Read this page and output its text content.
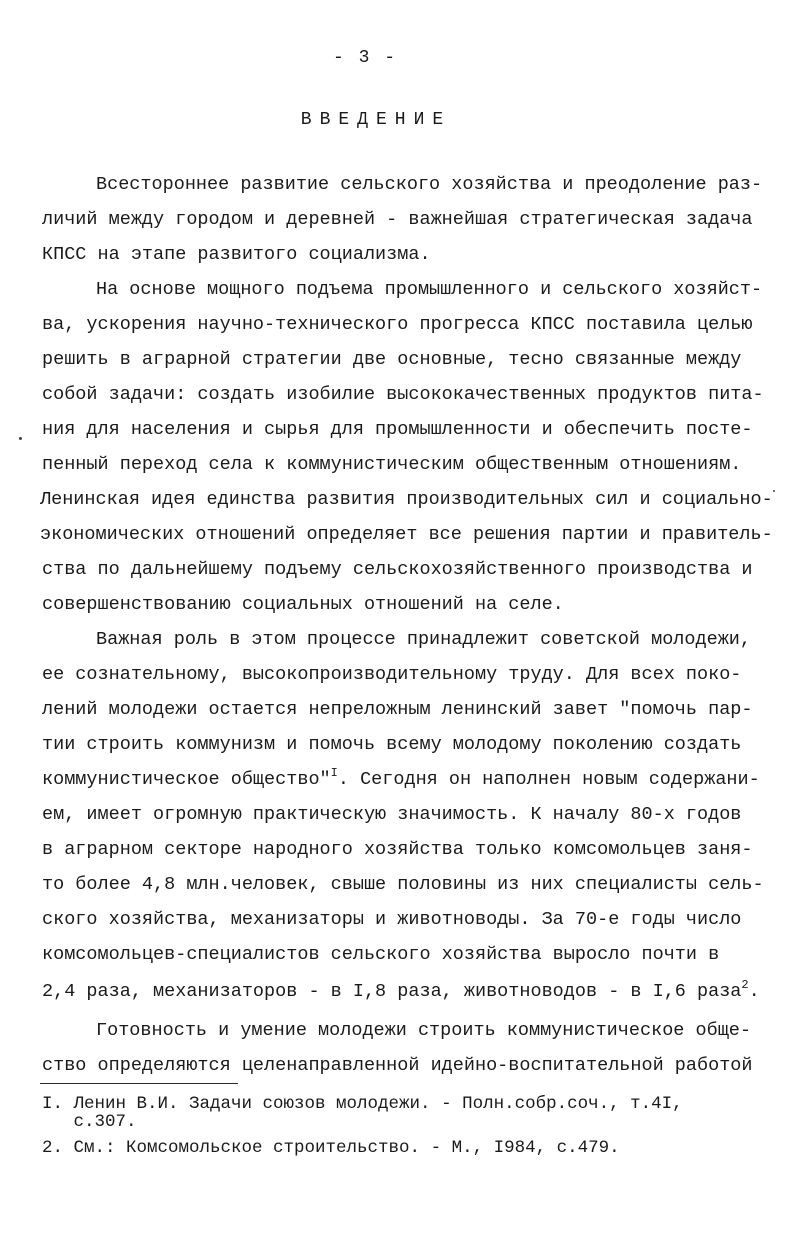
- 3 -
ВВЕДЕНИЕ
Всестороннее развитие сельского хозяйства и преодоление раз-
личий между городом и деревней - важнейшая стратегическая задача
КПСС на этапе развитого социализма.
На основе мощного подъема промышленного и сельского хозяйст-
ва, ускорения научно-технического прогресса КПСС поставила целью
решить в аграрной стратегии две основные, тесно связанные между
собой задачи: создать изобилие высококачественных продуктов пита-
ния для населения и сырья для промышленности и обеспечить посте-
пенный переход села к коммунистическим общественным отношениям.
Ленинская идея единства развития производительных сил и социально-
экономических отношений определяет все решения партии и правитель-
ства по дальнейшему подъему сельскохозяйственного производства и
совершенствованию социальных отношений на селе.
Важная роль в этом процессе принадлежит советской молодежи,
ее сознательному, высокопроизводительному труду. Для всех поко-
лений молодежи остается непреложным ленинский завет "помочь пар-
тии строить коммунизм и помочь всему молодому поколению создать
коммунистическое общество"$^I$. Сегодня он наполнен новым содержани-
ем, имеет огромную практическую значимость. К началу 80-х годов
в аграрном секторе народного хозяйства только комсомольцев заня-
то более 4,8 млн.человек, свыше половины из них специалисты сель-
ского хозяйства, механизаторы и животноводы. За 70-е годы число
комсомольцев-специалистов сельского хозяйства выросло почти в
2,4 раза, механизаторов - в I,8 раза, животноводов - в I,6 раза$^2$.
Готовность и умение молодежи строить коммунистическое обще-
ство определяются целенаправленной идейно-воспитательной работой
I. Ленин В.И. Задачи союзов молодежи. - Полн.собр.соч., т.4I,
с.307.
2. См.: Комсомольское строительство. - М., I984, с.479.
